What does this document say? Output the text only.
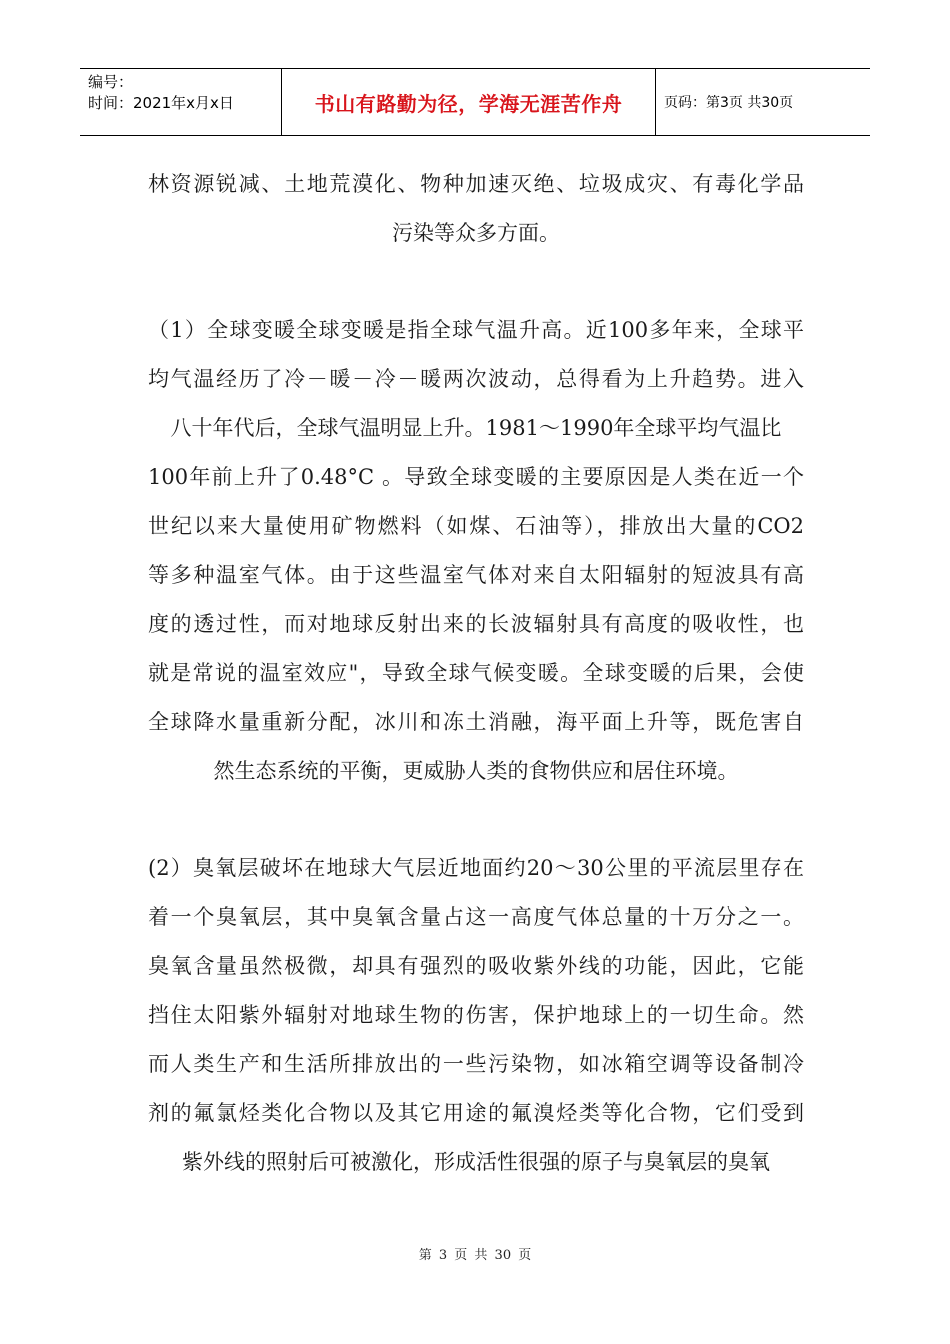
编号：
时间：2021年x月x日	书山有路勤为径，学海无涯苦作舟	页码：第3页 共30页
林资源锐减、土地荒漠化、物种加速灭绝、垃圾成灾、有毒化学品
污染等众多方面。
（1）全球变暖全球变暖是指全球气温升高。近100多年来，全球平
均气温经历了冷－暖－冷－暖两次波动，总得看为上升趋势。进入
八十年代后，全球气温明显上升。1981～1990年全球平均气温比
100年前上升了0.48°C 。导致全球变暖的主要原因是人类在近一个
世纪以来大量使用矿物燃料（如煤、石油等），排放出大量的CO2
等多种温室气体。由于这些温室气体对来自太阳辐射的短波具有高
度的透过性，而对地球反射出来的长波辐射具有高度的吸收性，也
就是常说的温室效应"，导致全球气候变暖。全球变暖的后果，会使
全球降水量重新分配，冰川和冻土消融，海平面上升等，既危害自
然生态系统的平衡，更威胁人类的食物供应和居住环境。
(2）臭氧层破坏在地球大气层近地面约20～30公里的平流层里存在
着一个臭氧层，其中臭氧含量占这一高度气体总量的十万分之一。
臭氧含量虽然极微，却具有强烈的吸收紫外线的功能，因此，它能
挡住太阳紫外辐射对地球生物的伤害，保护地球上的一切生命。然
而人类生产和生活所排放出的一些污染物，如冰箱空调等设备制冷
剂的氟氯烃类化合物以及其它用途的氟溴烃类等化合物，它们受到
紫外线的照射后可被激化，形成活性很强的原子与臭氧层的臭氧
第 3 页 共 30 页
